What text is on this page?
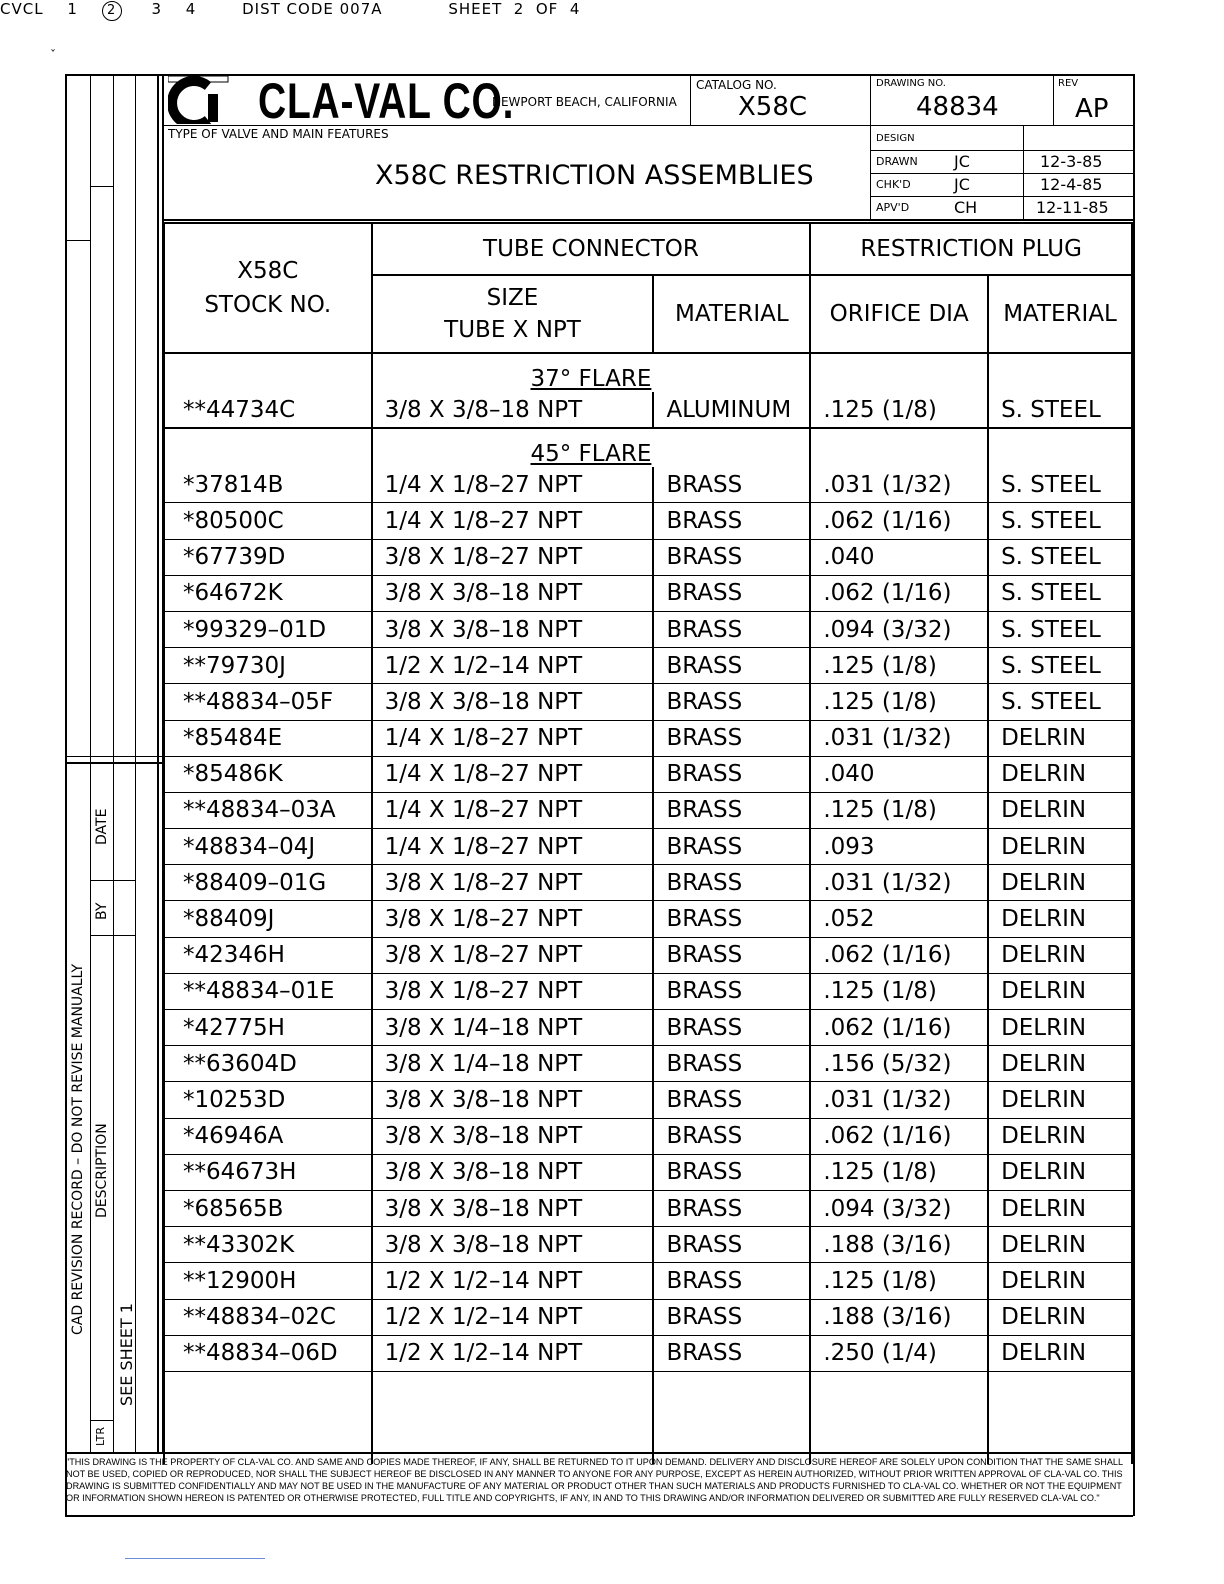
ˇ
CVCL 1 2 3 4	DIST CODE 007A	SHEET  2  OF  4
CAD REVISION RECORD – DO NOT REVISE MANUALLY DESCRIPTION
LTR
SEE SHEET 1
BY
DATE
CLA-VAL CO.
NEWPORT BEACH, CALIFORNIA
CATALOG NO.
X58C
DRAWING NO.
48834
REV
AP
TYPE OF VALVE AND MAIN FEATURES
X58C RESTRICTION ASSEMBLIES
DESIGN
DRAWN JC	12-3-85
CHK'D	JC	12-4-85
APV'D	CH	12-11-85
X58C
STOCK NO.	TUBE CONNECTOR		RESTRICTION PLUG	
	SIZE
TUBE X NPT	MATERIAL	ORIFICE DIA	MATERIAL
	37° FLARE			
**44734C	3/8 X 3/8–18 NPT	ALUMINUM	.125 (1/8)	S. STEEL
	45° FLARE			
*37814B	1/4 X 1/8–27 NPT	BRASS	.031 (1/32)	S. STEEL
*80500C	1/4 X 1/8–27 NPT	BRASS	.062 (1/16)	S. STEEL
*67739D	3/8 X 1/8–27 NPT	BRASS	.040	S. STEEL
*64672K	3/8 X 3/8–18 NPT	BRASS	.062 (1/16)	S. STEEL
*99329–01D	3/8 X 3/8–18 NPT	BRASS	.094 (3/32)	S. STEEL
**79730J	1/2 X 1/2–14 NPT	BRASS	.125 (1/8)	S. STEEL
**48834–05F	3/8 X 3/8–18 NPT	BRASS	.125 (1/8)	S. STEEL
*85484E	1/4 X 1/8–27 NPT	BRASS	.031 (1/32)	DELRIN
*85486K	1/4 X 1/8–27 NPT	BRASS	.040	DELRIN
**48834–03A	1/4 X 1/8–27 NPT	BRASS	.125 (1/8)	DELRIN
*48834–04J	1/4 X 1/8–27 NPT	BRASS	.093	DELRIN
*88409–01G	3/8 X 1/8–27 NPT	BRASS	.031 (1/32)	DELRIN
*88409J	3/8 X 1/8–27 NPT	BRASS	.052	DELRIN
*42346H	3/8 X 1/8–27 NPT	BRASS	.062 (1/16)	DELRIN
**48834–01E	3/8 X 1/8–27 NPT	BRASS	.125 (1/8)	DELRIN
*42775H	3/8 X 1/4–18 NPT	BRASS	.062 (1/16)	DELRIN
**63604D	3/8 X 1/4–18 NPT	BRASS	.156 (5/32)	DELRIN
*10253D	3/8 X 3/8–18 NPT	BRASS	.031 (1/32)	DELRIN
*46946A	3/8 X 3/8–18 NPT	BRASS	.062 (1/16)	DELRIN
**64673H	3/8 X 3/8–18 NPT	BRASS	.125 (1/8)	DELRIN
*68565B	3/8 X 3/8–18 NPT	BRASS	.094 (3/32)	DELRIN
**43302K	3/8 X 3/8–18 NPT	BRASS	.188 (3/16)	DELRIN
**12900H	1/2 X 1/2–14 NPT	BRASS	.125 (1/8)	DELRIN
**48834–02C	1/2 X 1/2–14 NPT	BRASS	.188 (3/16)	DELRIN
**48834–06D	1/2 X 1/2–14 NPT	BRASS	.250 (1/4)	DELRIN

"THIS DRAWING IS THE PROPERTY OF CLA-VAL CO. AND SAME AND COPIES MADE THEREOF, IF ANY, SHALL BE RETURNED TO IT UPON DEMAND. DELIVERY AND DISCLOSURE HEREOF ARE SOLELY UPON CONDITION THAT THE SAME SHALL NOT BE USED, COPIED OR REPRODUCED, NOR SHALL THE SUBJECT HEREOF BE DISCLOSED IN ANY MANNER TO ANYONE FOR ANY PURPOSE, EXCEPT AS HEREIN AUTHORIZED, WITHOUT PRIOR WRITTEN APPROVAL OF CLA-VAL CO. THIS DRAWING IS SUBMITTED CONFIDENTIALLY AND MAY NOT BE USED IN THE MANUFACTURE OF ANY MATERIAL OR PRODUCT OTHER THAN SUCH MATERIALS AND PRODUCTS FURNISHED TO CLA-VAL CO. WHETHER OR NOT THE EQUIPMENT OR INFORMATION SHOWN HEREON IS PATENTED OR OTHERWISE PROTECTED, FULL TITLE AND COPYRIGHTS, IF ANY, IN AND TO THIS DRAWING AND/OR INFORMATION DELIVERED OR SUBMITTED ARE FULLY RESERVED CLA-VAL CO."
